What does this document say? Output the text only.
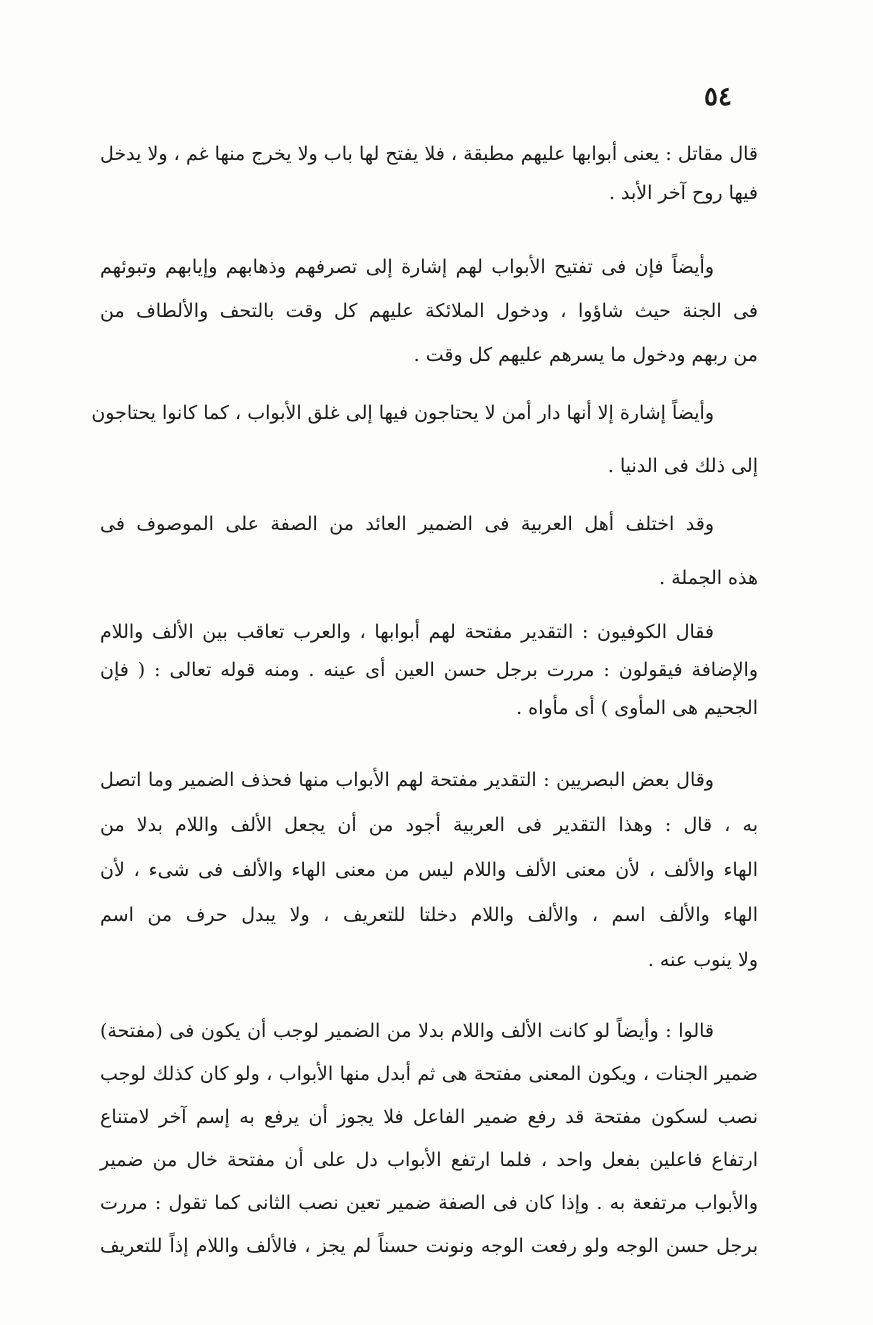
٥٤
قال مقاتل : يعنى أبوابها عليهم مطبقة ، فلا يفتح لها باب ولا يخرج منها غم ، ولا يدخل
فيها روح آخر الأبد .
وأيضاً فإن فى تفتيح الأبواب لهم إشارة إلى تصرفهم وذهابهم وإيابهم وتبوئهم
فى الجنة حيث شاؤوا ، ودخول الملائكة عليهم كل وقت بالتحف والألطاف من
من ربهم ودخول ما يسرهم عليهم كل وقت .
وأيضاً إشارة إلا أنها دار أمن لا يحتاجون فيها إلى غلق الأبواب ، كما كانوا يحتاجون
إلى ذلك فى الدنيا .
وقد اختلف أهل العربية فى الضمير العائد من الصفة على الموصوف فى
هذه الجملة .
فقال الكوفيون : التقدير مفتحة لهم أبوابها ، والعرب تعاقب بين الألف واللام
والإضافة فيقولون : مررت برجل حسن العين أى عينه . ومنه قوله تعالى : ( فإن
الجحيم هى المأوى ) أى مأواه .
وقال بعض البصريين : التقدير مفتحة لهم الأبواب منها فحذف الضمير وما اتصل
به ، قال : وهذا التقدير فى العربية أجود من أن يجعل الألف واللام بدلا من
الهاء والألف ، لأن معنى الألف واللام ليس من معنى الهاء والألف فى شىء ، لأن
الهاء والألف اسم ، والألف واللام دخلتا للتعريف ، ولا يبدل حرف من اسم
ولا ينوب عنه .
قالوا : وأيضاً لو كانت الألف واللام بدلا من الضمير لوجب أن يكون فى (مفتحة)
ضمير الجنات ، ويكون المعنى مفتحة هى ثم أبدل منها الأبواب ، ولو كان كذلك لوجب
نصب لسكون مفتحة قد رفع ضمير الفاعل فلا يجوز أن يرفع به إسم آخر لامتناع
ارتفاع فاعلين بفعل واحد ، فلما ارتفع الأبواب دل على أن مفتحة خال من ضمير
والأبواب مرتفعة به . وإذا كان فى الصفة ضمير تعين نصب الثانى كما تقول : مررت
برجل حسن الوجه ولو رفعت الوجه ونونت حسناً لم يجز ، فالألف واللام إذاً للتعريف
